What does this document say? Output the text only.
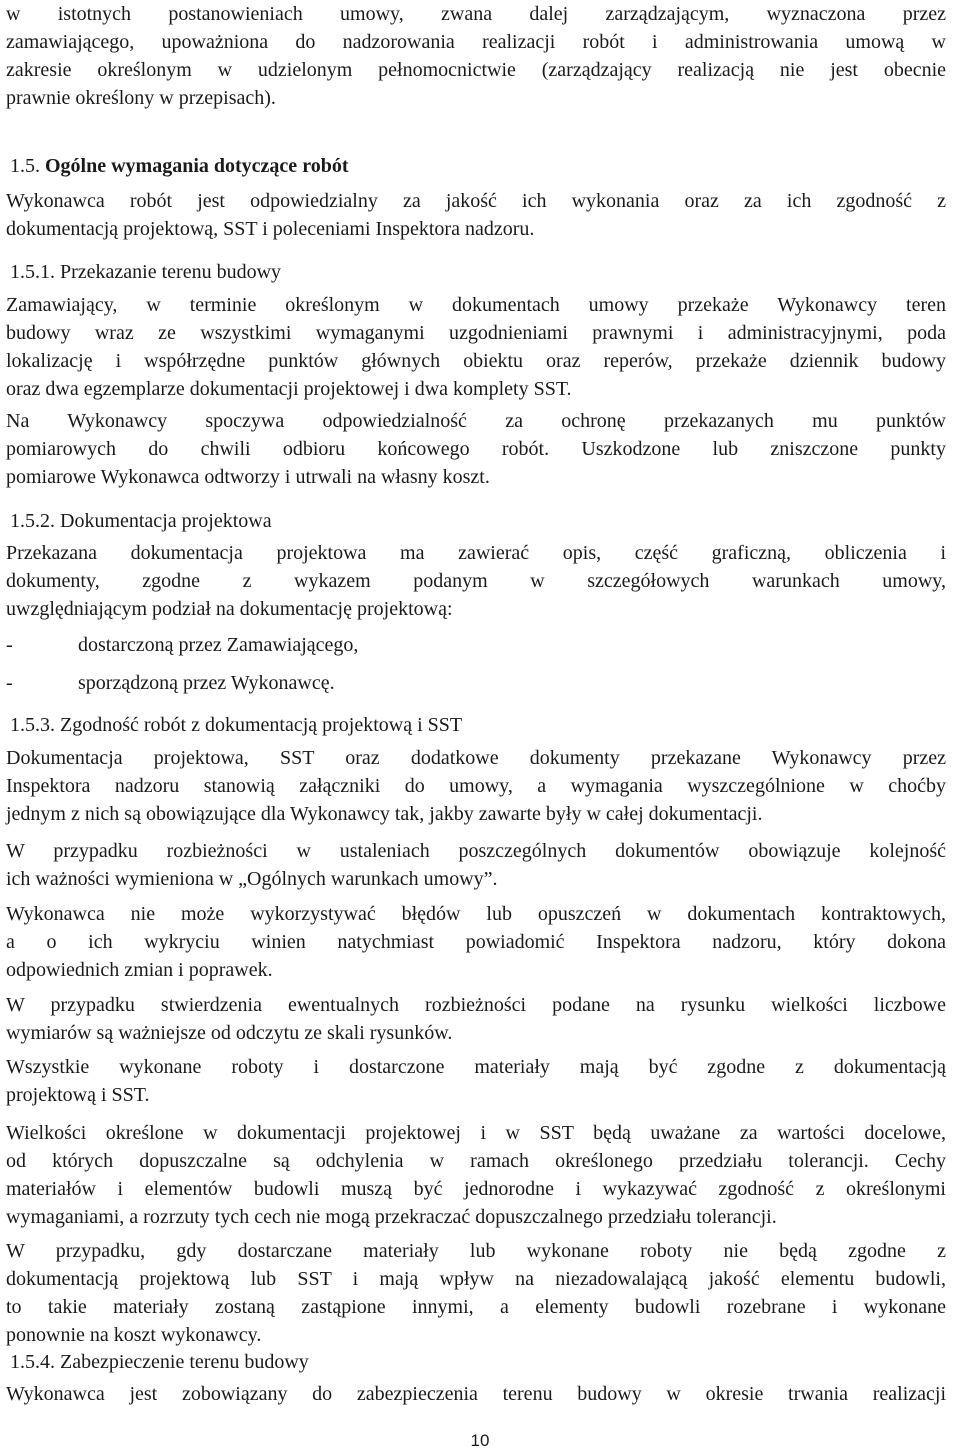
w istotnych postanowieniach umowy, zwana dalej zarządzającym, wyznaczona przez
zamawiającego, upoważniona do nadzorowania realizacji robót i administrowania umową w
zakresie określonym w udzielonym pełnomocnictwie (zarządzający realizacją nie jest obecnie
prawnie określony w przepisach).
1.5. Ogólne wymagania dotyczące robót
Wykonawca robót jest odpowiedzialny za jakość ich wykonania oraz za ich zgodność z
dokumentacją projektową, SST i poleceniami Inspektora nadzoru.
1.5.1. Przekazanie terenu budowy
Zamawiający, w terminie określonym w dokumentach umowy przekaże Wykonawcy teren
budowy wraz ze wszystkimi wymaganymi uzgodnieniami prawnymi i administracyjnymi, poda
lokalizację i współrzędne punktów głównych obiektu oraz reperów, przekaże dziennik budowy
oraz dwa egzemplarze dokumentacji projektowej i dwa komplety SST.
Na Wykonawcy spoczywa odpowiedzialność za ochronę przekazanych mu punktów
pomiarowych do chwili odbioru końcowego robót. Uszkodzone lub zniszczone punkty
pomiarowe Wykonawca odtworzy i utrwali na własny koszt.
1.5.2. Dokumentacja projektowa
Przekazana dokumentacja projektowa ma zawierać opis, część graficzną, obliczenia i
dokumenty, zgodne z wykazem podanym w szczegółowych warunkach umowy,
uwzględniającym podział na dokumentację projektową:
-	dostarczoną przez Zamawiającego,
-	sporządzoną przez Wykonawcę.
1.5.3. Zgodność robót z dokumentacją projektową i SST
Dokumentacja projektowa, SST oraz dodatkowe dokumenty przekazane Wykonawcy przez
Inspektora nadzoru stanowią załączniki do umowy, a wymagania wyszczególnione w choćby
jednym z nich są obowiązujące dla Wykonawcy tak, jakby zawarte były w całej dokumentacji.
W przypadku rozbieżności w ustaleniach poszczególnych dokumentów obowiązuje kolejność
ich ważności wymieniona w „Ogólnych warunkach umowy”.
Wykonawca nie może wykorzystywać błędów lub opuszczeń w dokumentach kontraktowych,
a o ich wykryciu winien natychmiast powiadomić Inspektora nadzoru, który dokona
odpowiednich zmian i poprawek.
W przypadku stwierdzenia ewentualnych rozbieżności podane na rysunku wielkości liczbowe
wymiarów są ważniejsze od odczytu ze skali rysunków.
Wszystkie wykonane roboty i dostarczone materiały mają być zgodne z dokumentacją
projektową i SST.
Wielkości określone w dokumentacji projektowej i w SST będą uważane za wartości docelowe,
od których dopuszczalne są odchylenia w ramach określonego przedziału tolerancji. Cechy
materiałów i elementów budowli muszą być jednorodne i wykazywać zgodność z określonymi
wymaganiami, a rozrzuty tych cech nie mogą przekraczać dopuszczalnego przedziału tolerancji.
W przypadku, gdy dostarczane materiały lub wykonane roboty nie będą zgodne z
dokumentacją projektową lub SST i mają wpływ na niezadowalającą jakość elementu budowli,
to takie materiały zostaną zastąpione innymi, a elementy budowli rozebrane i wykonane
ponownie na koszt wykonawcy.
1.5.4. Zabezpieczenie terenu budowy
Wykonawca jest zobowiązany do zabezpieczenia terenu budowy w okresie trwania realizacji
10
